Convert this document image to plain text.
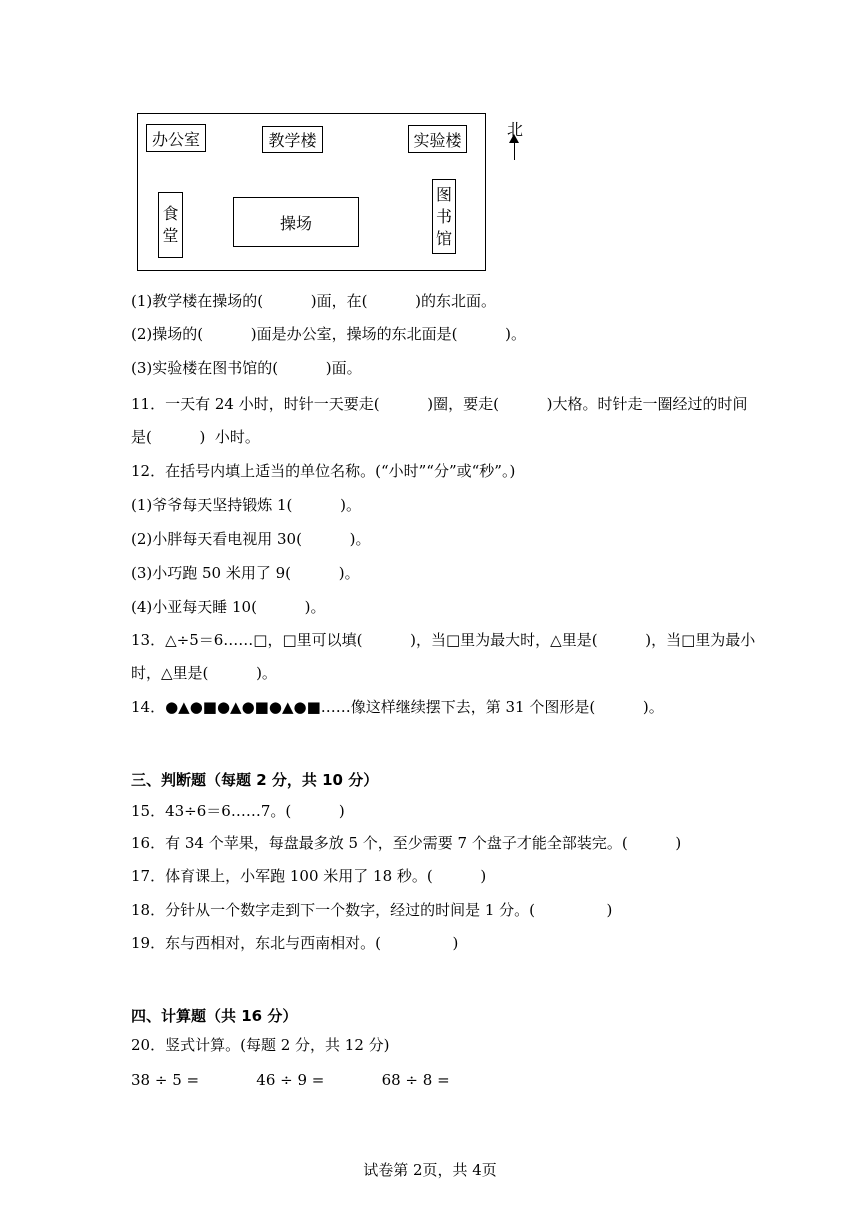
办公室	教学楼	实验楼
食
堂
操场
图
书
馆
北
(1)教学楼在操场的(          )面，在(          )的东北面。
(2)操场的(          )面是办公室，操场的东北面是(          )。
(3)实验楼在图书馆的(          )面。
11．一天有 24 小时，时针一天要走(          )圈，要走(          )大格。时针走一圈经过的时间
是(          )  小时。
12．在括号内填上适当的单位名称。(“小时”“分”或“秒”。)
(1)爷爷每天坚持锻炼 1(          )。
(2)小胖每天看电视用 30(          )。
(3)小巧跑 50 米用了 9(          )。
(4)小亚每天睡 10(          )。
13．△÷5＝6……□，□里可以填(          )，当□里为最大时，△里是(          )，当□里为最小
时，△里是(          )。
14．●▲●■●▲●■●▲●■……像这样继续摆下去，第 31 个图形是(          )。
三、判断题（每题 2 分，共 10 分）
15．43÷6＝6……7。(          )
16．有 34 个苹果，每盘最多放 5 个，至少需要 7 个盘子才能全部装完。(          )
17．体育课上，小军跑 100 米用了 18 秒。(          )
18．分针从一个数字走到下一个数字，经过的时间是 1 分。(               )
19．东与西相对，东北与西南相对。(               )
四、计算题（共 16 分）
20．竖式计算。(每题 2 分，共 12 分)
38 ÷ 5 =            46 ÷ 9 =            68 ÷ 8 =
试卷第 2页，共 4页
